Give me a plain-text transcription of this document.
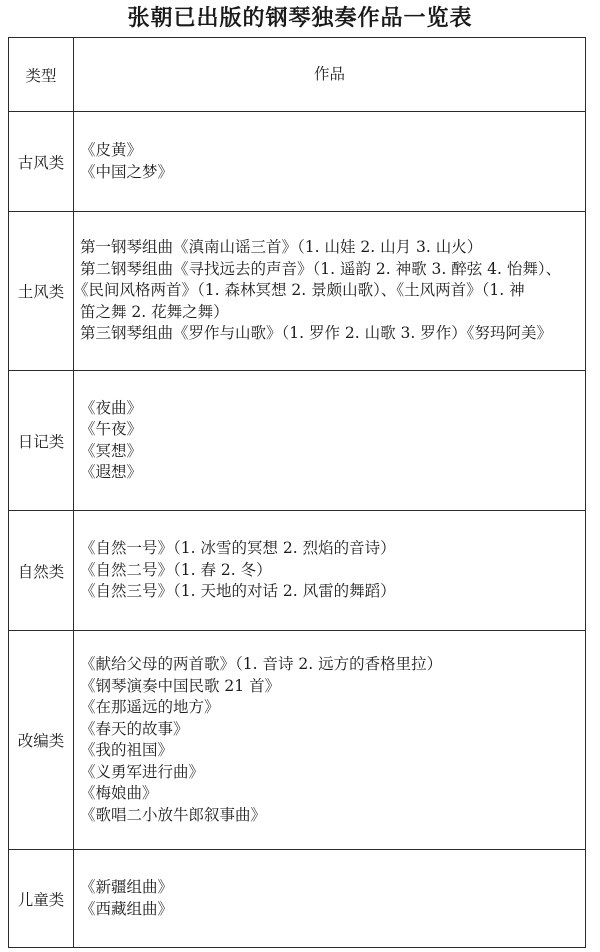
张朝已出版的钢琴独奏作品一览表
类型	作品
古风类
《皮黄》
《中国之梦》
土风类
第一钢琴组曲《滇南山谣三首》（1. 山娃 2. 山月 3. 山火）
第二钢琴组曲《寻找远去的声音》（1. 遥韵 2. 神歌 3. 醉弦 4. 怡舞）、
《民间风格两首》（1. 森林冥想 2. 景颇山歌）、《土风两首》（1. 神
笛之舞 2. 花舞之舞）
第三钢琴组曲《罗作与山歌》（1. 罗作 2. 山歌 3. 罗作）《努玛阿美》
日记类
《夜曲》
《午夜》
《冥想》
《遐想》
自然类
《自然一号》（1. 冰雪的冥想 2. 烈焰的音诗）
《自然二号》（1. 春 2. 冬）
《自然三号》（1. 天地的对话 2. 风雷的舞蹈）
改编类
《献给父母的两首歌》（1. 音诗 2. 远方的香格里拉）
《钢琴演奏中国民歌 21 首》
《在那遥远的地方》
《春天的故事》
《我的祖国》
《义勇军进行曲》
《梅娘曲》
《歌唱二小放牛郎叙事曲》
儿童类
《新疆组曲》
《西藏组曲》
